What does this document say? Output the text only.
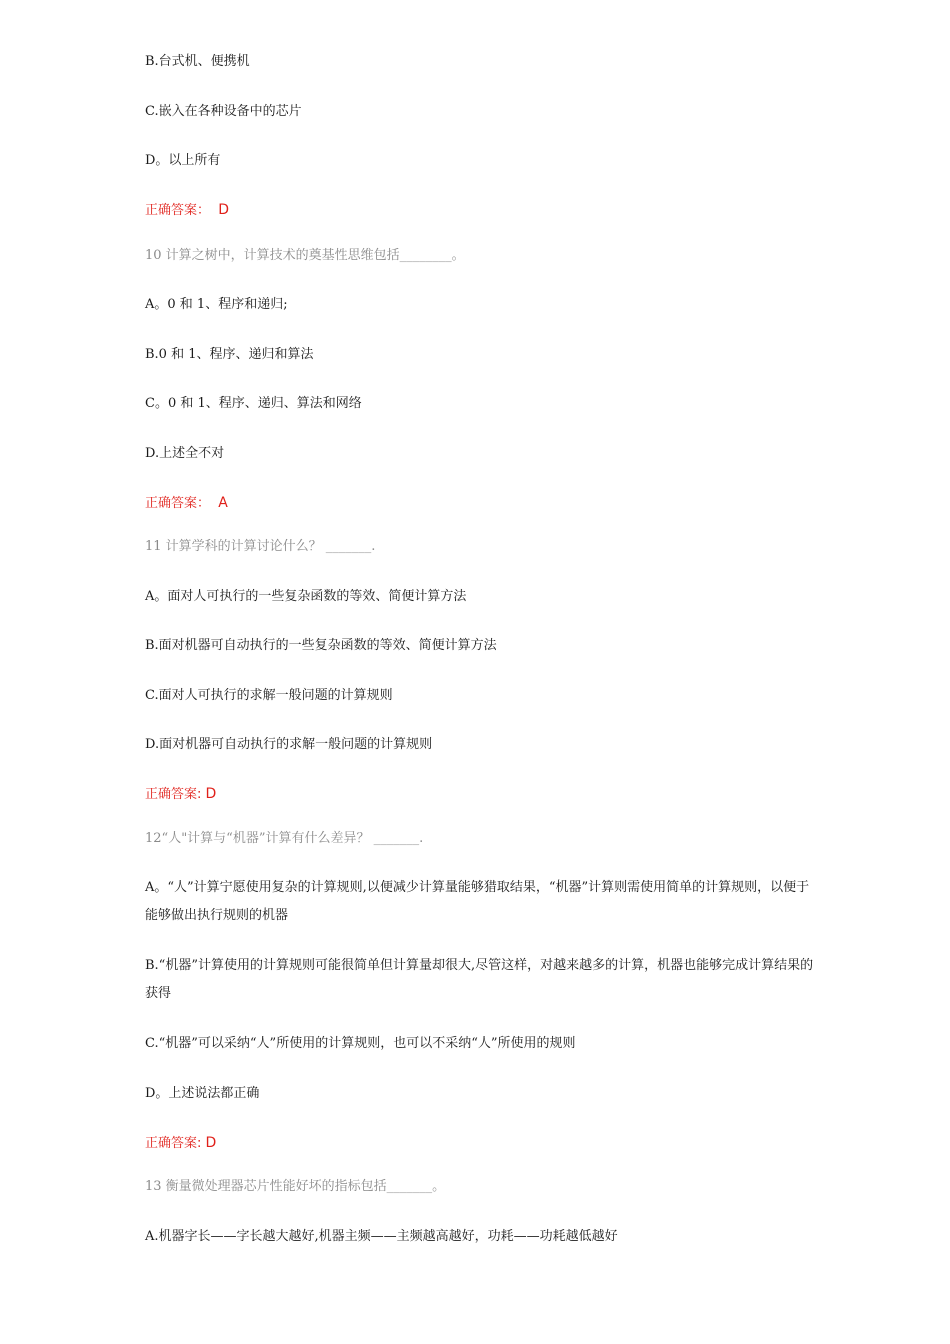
B.台式机、便携机
C.嵌入在各种设备中的芯片
D。以上所有
正确答案： D
10 计算之树中，计算技术的奠基性思维包括________。
A。0 和 1、程序和递归;
B.0 和 1、程序、递归和算法
C。0 和 1、程序、递归、算法和网络
D.上述全不对
正确答案： A
11 计算学科的计算讨论什么？ _______.
A。面对人可执行的一些复杂函数的等效、简便计算方法
B.面对机器可自动执行的一些复杂函数的等效、简便计算方法
C.面对人可执行的求解一般问题的计算规则
D.面对机器可自动执行的求解一般问题的计算规则
正确答案: D
12“人"计算与“机器”计算有什么差异？ _______.
A。“人”计算宁愿使用复杂的计算规则,以便减少计算量能够猎取结果，“机器”计算则需使用简单的计算规则，以便于能够做出执行规则的机器
B.“机器”计算使用的计算规则可能很简单但计算量却很大,尽管这样，对越来越多的计算，机器也能够完成计算结果的获得
C.“机器”可以采纳“人”所使用的计算规则，也可以不采纳“人”所使用的规则
D。上述说法都正确
正确答案: D
13 衡量微处理器芯片性能好坏的指标包括_______。
A.机器字长——字长越大越好,机器主频——主频越高越好，功耗——功耗越低越好
